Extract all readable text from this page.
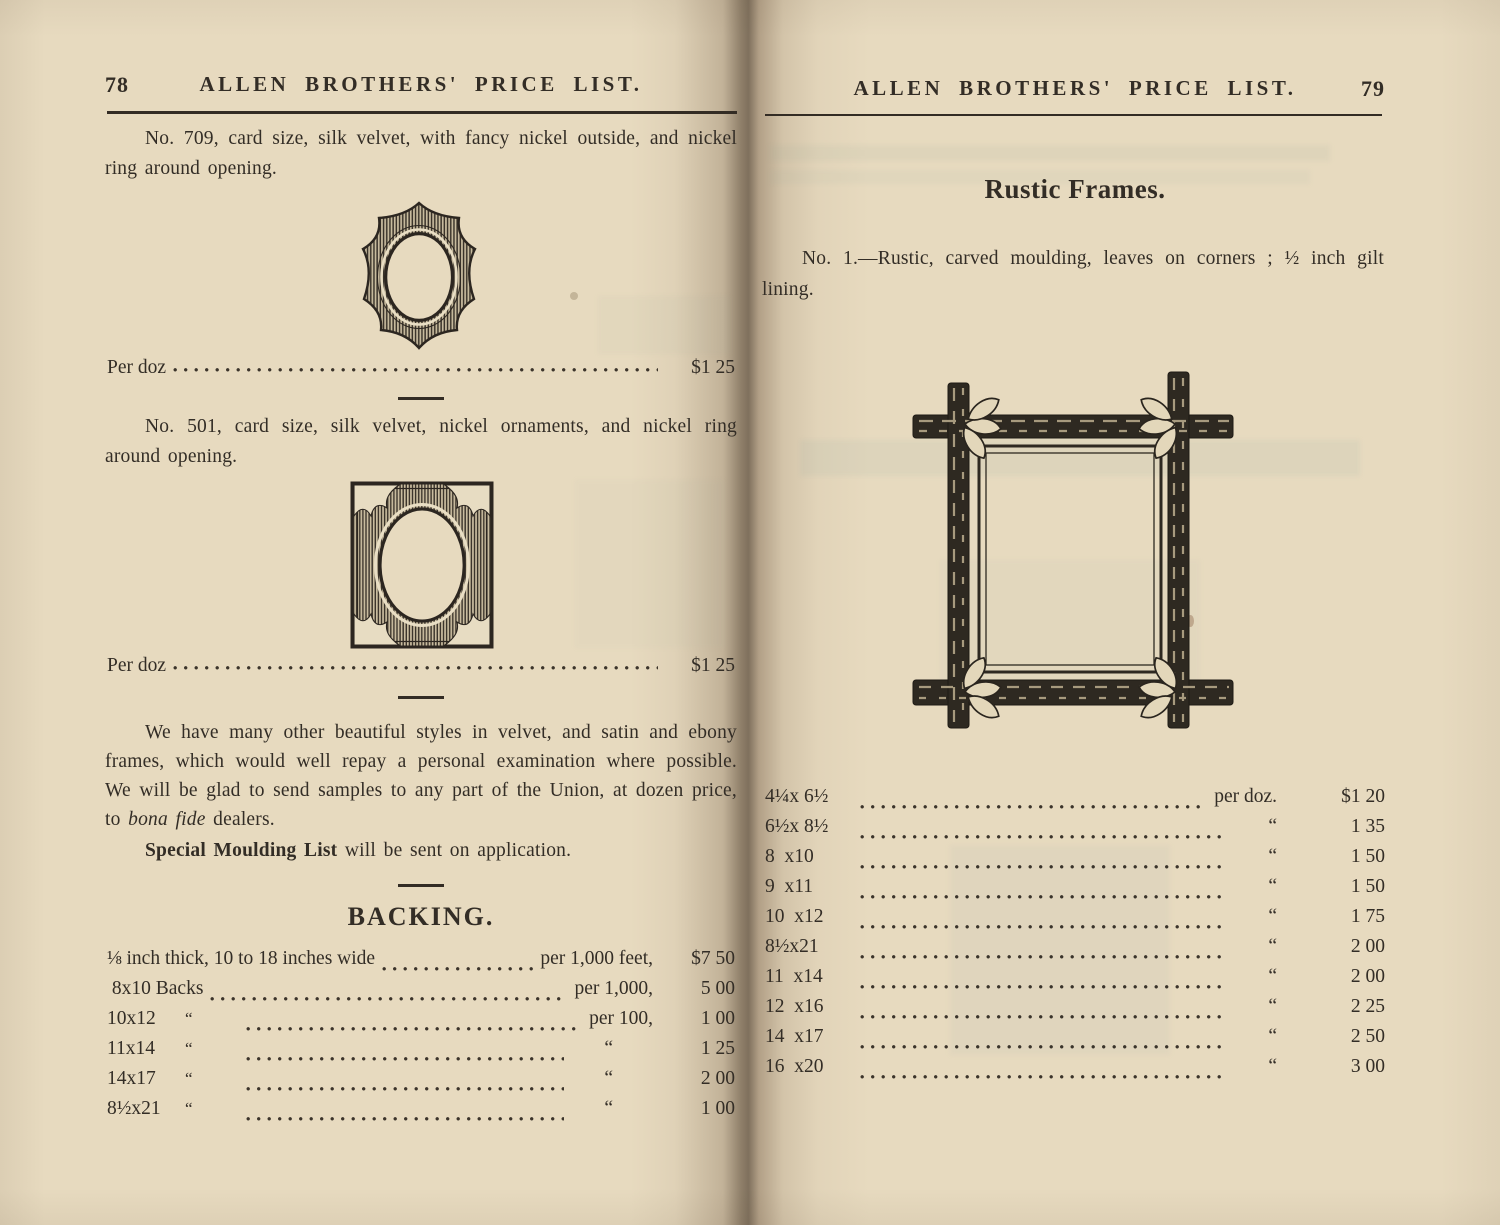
78	ALLEN BROTHERS' PRICE LIST.

No. 709, card size, silk velvet, with fancy nickel outside, and nickel ring around opening.

Per doz	$1 25

No. 501, card size, silk velvet, nickel ornaments, and nickel ring around opening.

Per doz	$1 25

We have many other beautiful styles in velvet, and satin and ebony frames, which would well repay a personal examination where possible. We will be glad to send samples to any part of the Union, at dozen price, to bona fide dealers.

Special Moulding List will be sent on application.

BACKING.
⅛ inch thick, 10 to 18 inches wide	per 1,000 feet,	$7 50
8x10 Backs	per 1,000,	5 00
10x12	“	per 100,	1 00
11x14	“	“	1 25
14x17	“	“	2 00
8½x21	“	“	1 00
ALLEN BROTHERS' PRICE LIST.	79
Rustic Frames.

No. 1.—Rustic, carved moulding, leaves on corners ; ½ inch gilt lining.

4¼x 6½	per doz.	$1 20
6½x 8½	“	1 35
8  x10	“	1 50
9  x11	“	1 50
10  x12	“	1 75
8½x21	“	2 00
11  x14	“	2 00
12  x16	“	2 25
14  x17	“	2 50
16  x20	“	3 00
